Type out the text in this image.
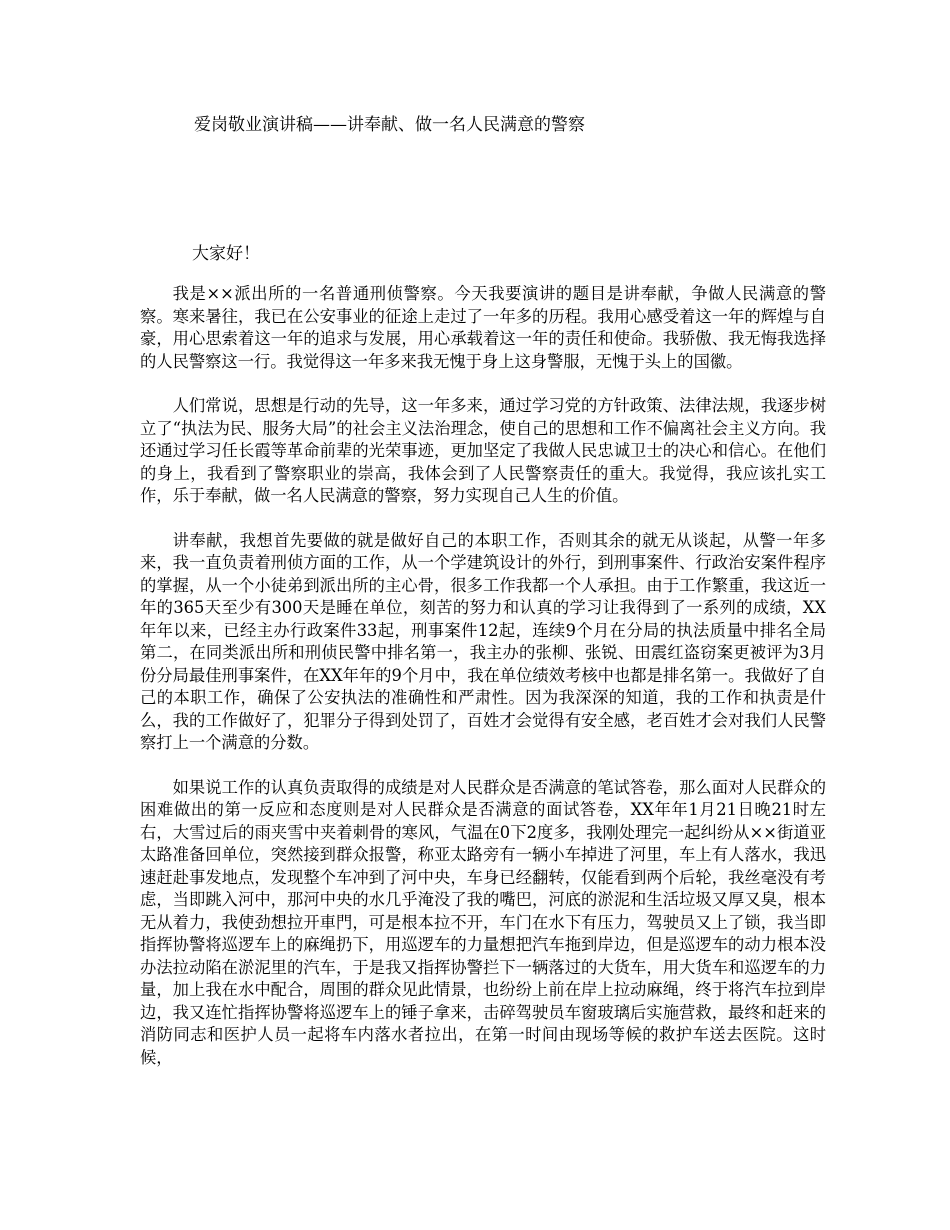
爱岗敬业演讲稿——讲奉献、做一名人民满意的警察
大家好！

我是××派出所的一名普通刑侦警察。今天我要演讲的题目是讲奉献，争做人民满意的警察。寒来暑往，我已在公安事业的征途上走过了一年多的历程。我用心感受着这一年的辉煌与自豪，用心思索着这一年的追求与发展，用心承载着这一年的责任和使命。我骄傲、我无悔我选择的人民警察这一行。我觉得这一年多来我无愧于身上这身警服，无愧于头上的国徽。

人们常说，思想是行动的先导，这一年多来，通过学习党的方针政策、法律法规，我逐步树立了“执法为民、服务大局”的社会主义法治理念，使自己的思想和工作不偏离社会主义方向。我还通过学习任长霞等革命前辈的光荣事迹，更加坚定了我做人民忠诚卫士的决心和信心。在他们的身上，我看到了警察职业的崇高，我体会到了人民警察责任的重大。我觉得，我应该扎实工作，乐于奉献，做一名人民满意的警察，努力实现自己人生的价值。

讲奉献，我想首先要做的就是做好自己的本职工作，否则其余的就无从谈起，从警一年多来，我一直负责着刑侦方面的工作，从一个学建筑设计的外行，到刑事案件、行政治安案件程序的掌握，从一个小徒弟到派出所的主心骨，很多工作我都一个人承担。由于工作繁重，我这近一年的365天至少有300天是睡在单位，刻苦的努力和认真的学习让我得到了一系列的成绩，XX年年以来，已经主办行政案件33起，刑事案件12起，连续9个月在分局的执法质量中排名全局第二，在同类派出所和刑侦民警中排名第一，我主办的张柳、张锐、田震红盗窃案更被评为3月份分局最佳刑事案件，在XX年年的9个月中，我在单位绩效考核中也都是排名第一。我做好了自己的本职工作，确保了公安执法的准确性和严肃性。因为我深深的知道，我的工作和执责是什么，我的工作做好了，犯罪分子得到处罚了，百姓才会觉得有安全感，老百姓才会对我们人民警察打上一个满意的分数。

如果说工作的认真负责取得的成绩是对人民群众是否满意的笔试答卷，那么面对人民群众的困难做出的第一反应和态度则是对人民群众是否满意的面试答卷，XX年年1月21日晚21时左右，大雪过后的雨夹雪中夹着刺骨的寒风，气温在0下2度多，我刚处理完一起纠纷从××街道亚太路准备回单位，突然接到群众报警，称亚太路旁有一辆小车掉进了河里，车上有人落水，我迅速赶赴事发地点，发现整个车冲到了河中央，车身已经翻转，仅能看到两个后轮，我丝毫没有考虑，当即跳入河中，那河中央的水几乎淹没了我的嘴巴，河底的淤泥和生活垃圾又厚又臭，根本无从着力，我使劲想拉开車門，可是根本拉不开，车门在水下有压力，驾驶员又上了锁，我当即指挥协警将巡逻车上的麻绳扔下，用巡逻车的力量想把汽车拖到岸边，但是巡逻车的动力根本没办法拉动陷在淤泥里的汽车，于是我又指挥协警拦下一辆落过的大货车，用大货车和巡逻车的力量，加上我在水中配合，周围的群众见此情景，也纷纷上前在岸上拉动麻绳，终于将汽车拉到岸边，我又连忙指挥协警将巡逻车上的锤子拿来，击碎驾驶员车窗玻璃后实施营救，最终和赶来的消防同志和医护人员一起将车内落水者拉出，在第一时间由现场等候的救护车送去医院。这时候，
